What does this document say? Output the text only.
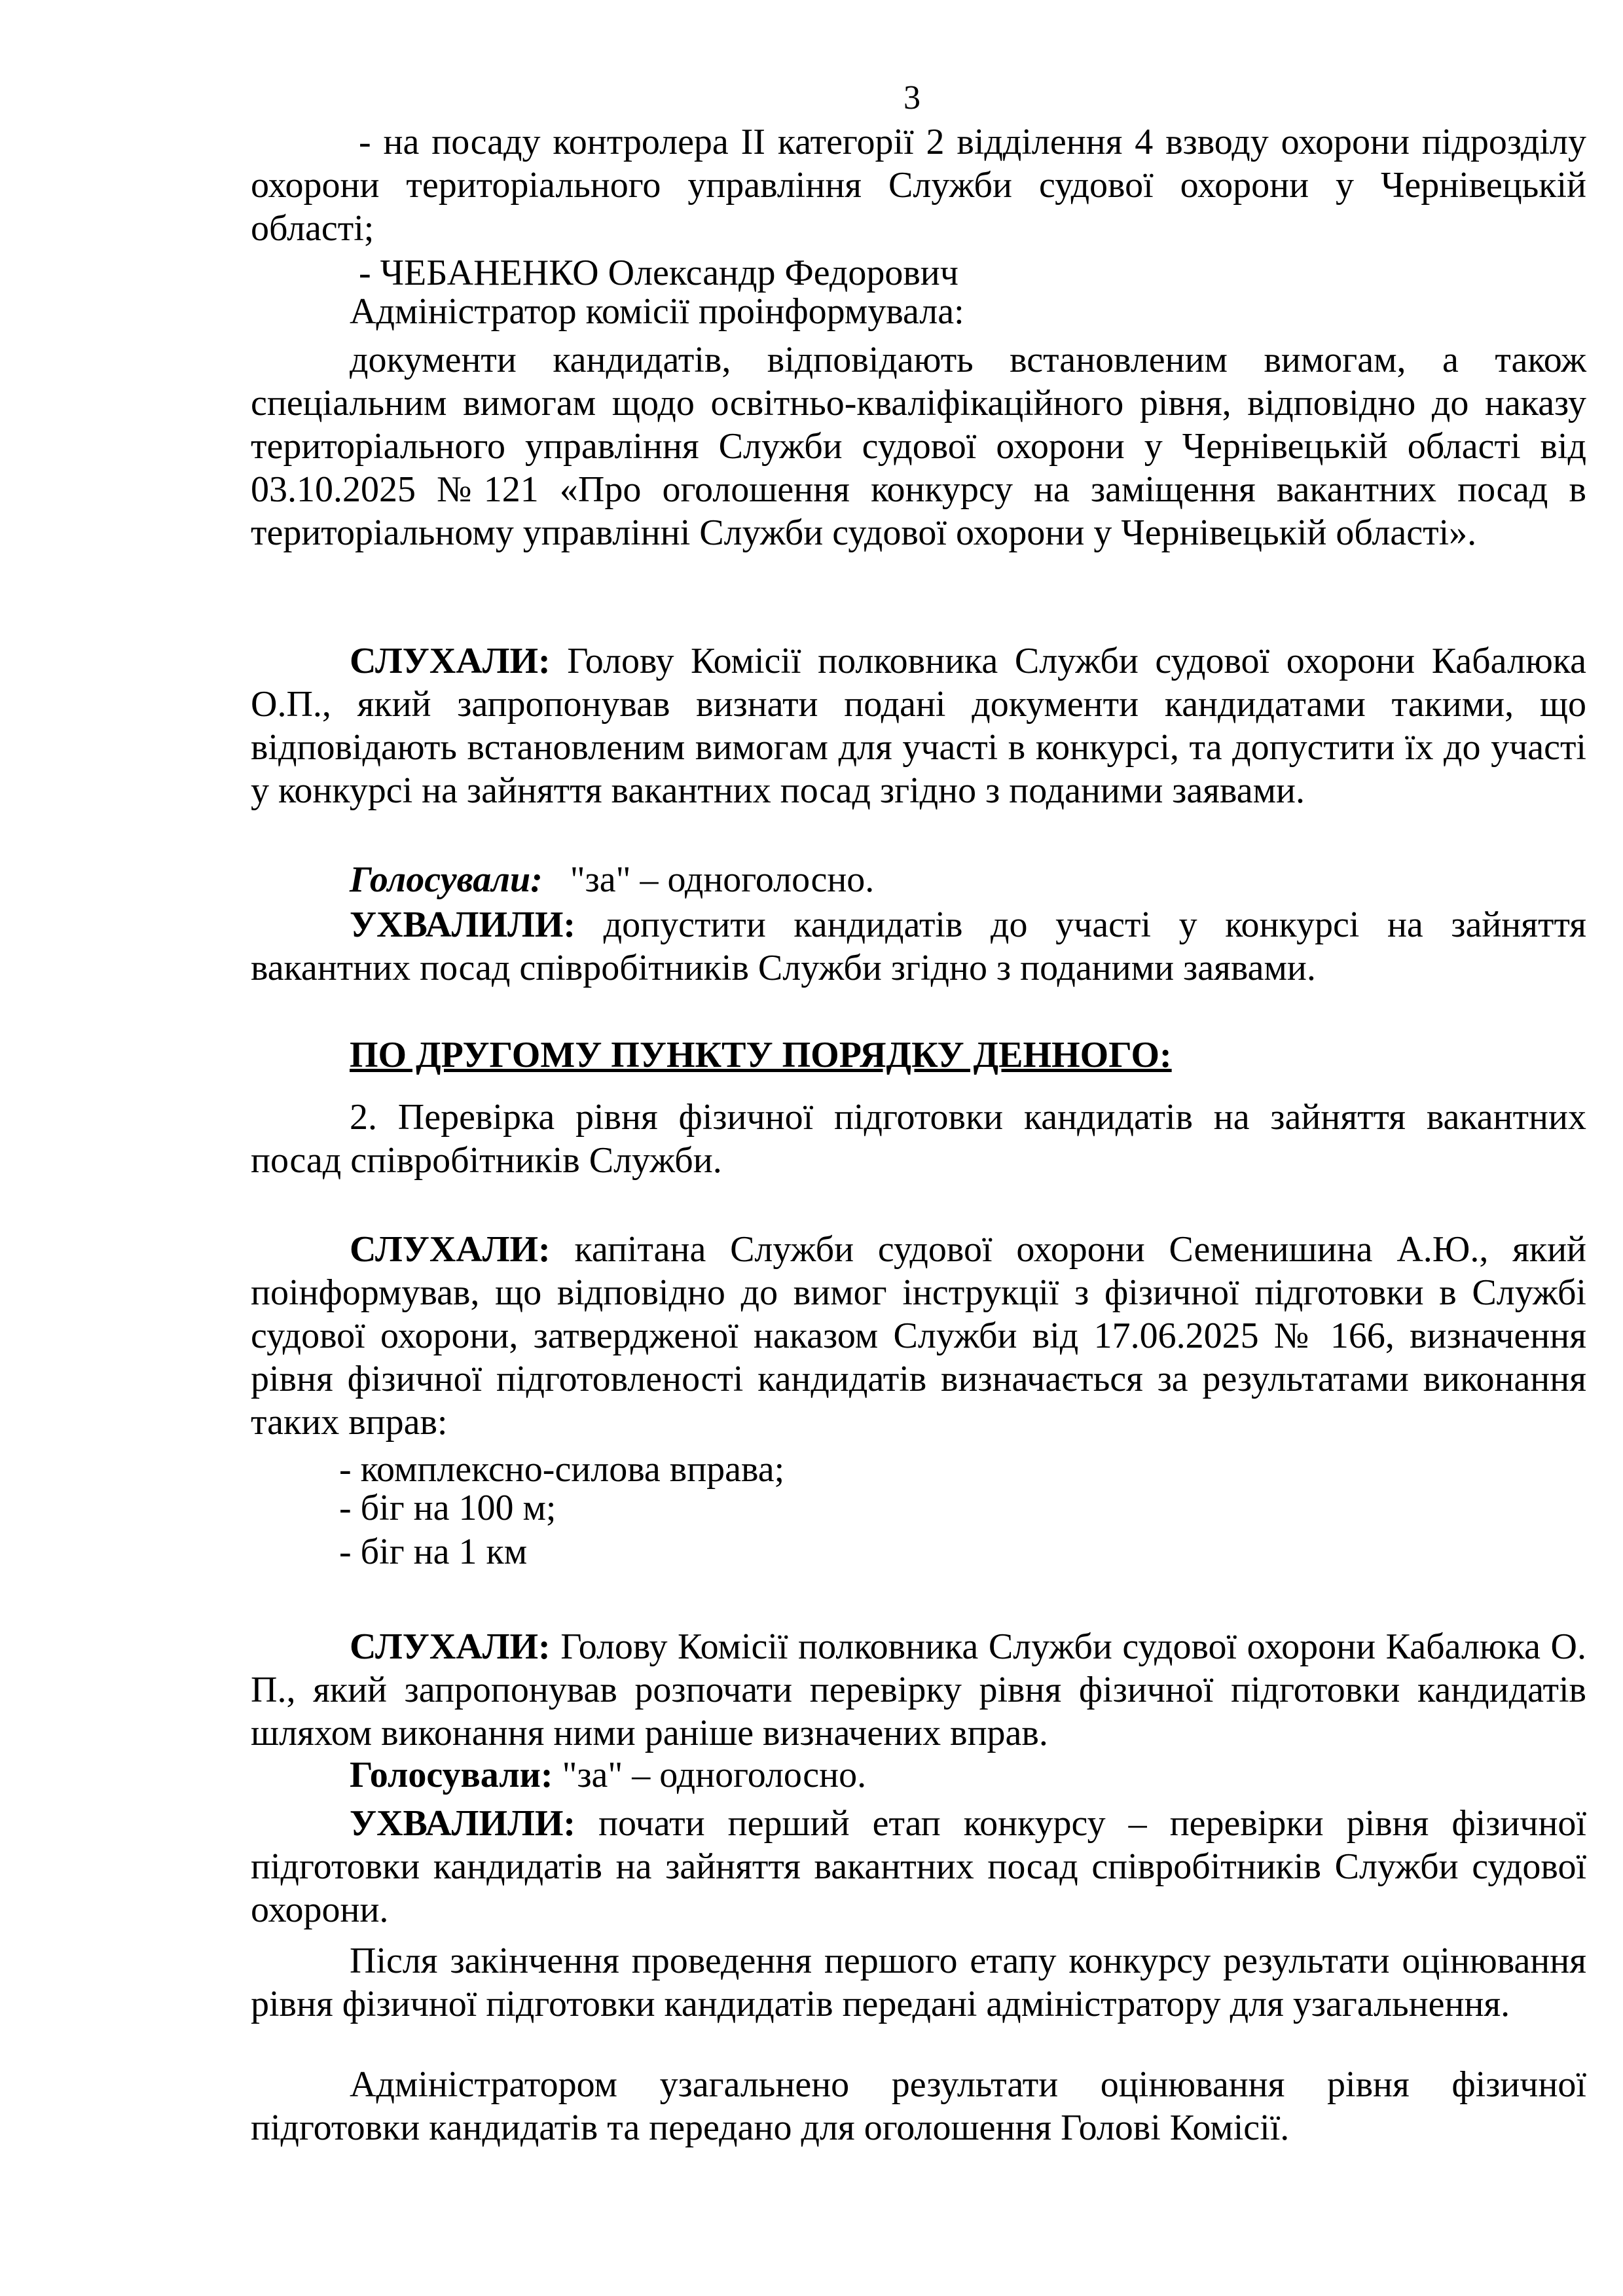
3
- на посаду контролера ІІ категорії 2 відділення 4 взводу охорони підрозділу охорони територіального управління Служби судової охорони у Чернівецькій області;
- ЧЕБАНЕНКО Олександр Федорович
Адміністратор комісії проінформувала:
документи кандидатів, відповідають встановленим вимогам, а також спеціальним вимогам щодо освітньо-кваліфікаційного рівня, відповідно до наказу територіального управління Служби судової охорони у Чернівецькій області від 03.10.2025 №121 «Про оголошення конкурсу на заміщення вакантних посад в територіальному управлінні Служби судової охорони у Чернівецькій області».
СЛУХАЛИ: Голову Комісії полковника Служби судової охорони Кабалюка О.П., який запропонував визнати подані документи кандидатами такими, що відповідають встановленим вимогам для участі в конкурсі, та допустити їх до участі у конкурсі на зайняття вакантних посад згідно з поданими заявами.
Голосували:   "за" – одноголосно.
УХВАЛИЛИ: допустити кандидатів до участі у конкурсі на зайняття вакантних посад співробітників Служби згідно з поданими заявами.
ПО ДРУГОМУ ПУНКТУ ПОРЯДКУ ДЕННОГО:
2. Перевірка рівня фізичної підготовки кандидатів на зайняття вакантних посад співробітників Служби.
СЛУХАЛИ: капітана Служби судової охорони Семенишина А.Ю., який поінформував, що відповідно до вимог інструкції з фізичної підготовки в Службі судової охорони, затвердженої наказом Служби від 17.06.2025 № 166, визначення рівня фізичної підготовленості кандидатів визначається за результатами виконання таких вправ:
- комплексно-силова вправа;
- біг на 100 м;
- біг на 1 км
СЛУХАЛИ: Голову Комісії полковника Служби судової охорони Кабалюка О. П., який запропонував розпочати перевірку рівня фізичної підготовки кандидатів шляхом виконання ними раніше визначених вправ.
Голосували: "за" – одноголосно.
УХВАЛИЛИ: почати перший етап конкурсу – перевірки рівня фізичної підготовки кандидатів на зайняття вакантних посад співробітників Служби судової охорони.
Після закінчення проведення першого етапу конкурсу результати оцінювання рівня фізичної підготовки кандидатів передані адміністратору для узагальнення.
Адміністратором узагальнено результати оцінювання рівня фізичної підготовки кандидатів та передано для оголошення Голові Комісії.
